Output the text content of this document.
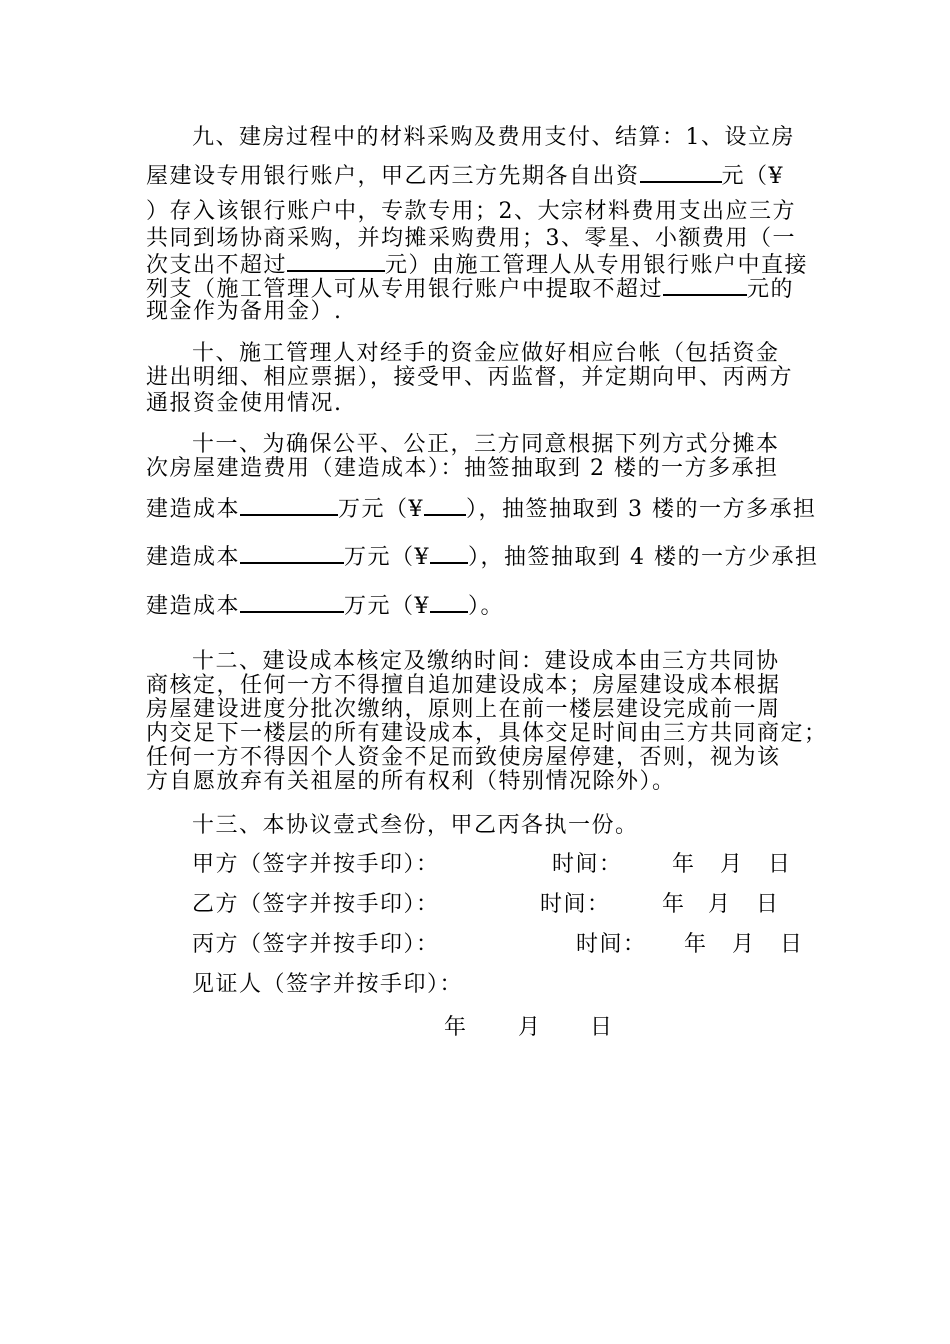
九、建房过程中的材料采购及费用支付、结算：1、设立房
屋建设专用银行账户，甲乙丙三方先期各自出资	元（¥
）存入该银行账户中，专款专用；2、大宗材料费用支出应三方
共同到场协商采购，并均摊采购费用；3、零星、小额费用（一
次支出不超过	元）由施工管理人从专用银行账户中直接
列支（施工管理人可从专用银行账户中提取不超过	元的
现金作为备用金）.
十、施工管理人对经手的资金应做好相应台帐（包括资金
进出明细、相应票据），接受甲、丙监督，并定期向甲、丙两方
通报资金使用情况.
十一、为确保公平、公正，三方同意根据下列方式分摊本
次房屋建造费用（建造成本）：抽签抽取到 2 楼的一方多承担
建造成本	万元（¥ ），抽签抽取到 3 楼的一方多承担
建造成本	万元（¥ ），抽签抽取到 4 楼的一方少承担
建造成本	万元（¥ ）。
十二、建设成本核定及缴纳时间：建设成本由三方共同协
商核定，任何一方不得擅自追加建设成本；房屋建设成本根据
房屋建设进度分批次缴纳，原则上在前一楼层建设完成前一周
内交足下一楼层的所有建设成本，具体交足时间由三方共同商定；
任何一方不得因个人资金不足而致使房屋停建，否则，视为该
方自愿放弃有关祖屋的所有权利（特别情况除外）。
十三、本协议壹式叁份，甲乙丙各执一份。
甲方（签字并按手印）：	时间： 年 月 日
乙方（签字并按手印）：	时间： 年 月 日
丙方（签字并按手印）：	时间： 年 月 日
见证人（签字并按手印）：
年 月 日
